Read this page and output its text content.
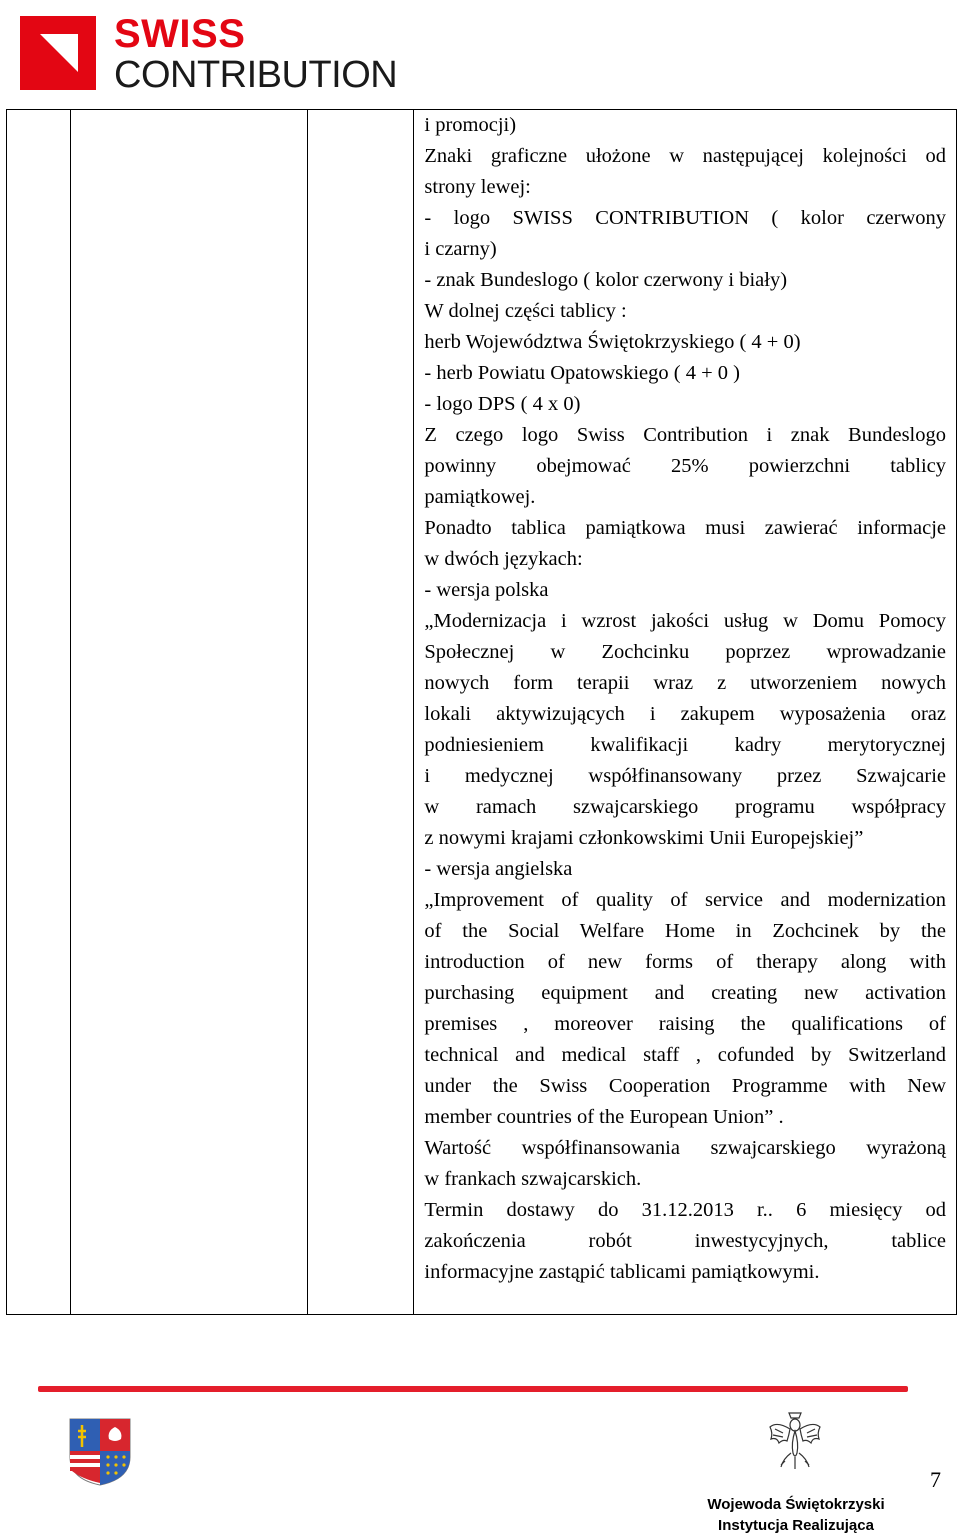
SWISS
CONTRIBUTION

i promocji)
Znaki graficzne ułożone w następującej kolejności od
strony lewej:
- logo SWISS CONTRIBUTION ( kolor czerwony
i czarny)
- znak Bundeslogo ( kolor czerwony i biały)
W dolnej części tablicy :
herb Województwa Świętokrzyskiego ( 4 + 0)
- herb Powiatu Opatowskiego ( 4 + 0 )
- logo DPS ( 4 x 0)
Z czego logo Swiss Contribution i znak Bundeslogo
powinny obejmować 25% powierzchni tablicy
pamiątkowej.
Ponadto tablica pamiątkowa musi zawierać informacje
w dwóch językach:
- wersja polska
„Modernizacja i wzrost jakości usług w Domu Pomocy
Społecznej w Zochcinku poprzez wprowadzanie
nowych form terapii wraz z utworzeniem nowych
lokali aktywizujących i zakupem wyposażenia oraz
podniesieniem kwalifikacji kadry merytorycznej
i medycznej współfinansowany przez Szwajcarie
w ramach szwajcarskiego programu współpracy
z nowymi krajami członkowskimi Unii Europejskiej”
- wersja angielska
„Improvement of quality of service and modernization
of the Social Welfare Home in Zochcinek by the
introduction of new forms of therapy along with
purchasing equipment and creating new activation
premises , moreover raising the qualifications of
technical and medical staff , cofunded by Switzerland
under the Swiss Cooperation Programme with New
member countries of the European Union” .
Wartość współfinansowania szwajcarskiego wyrażoną
w frankach szwajcarskich.
Termin dostawy do 31.12.2013 r.. 6 miesięcy od
zakończenia robót inwestycyjnych, tablice
informacyjne zastąpić tablicami pamiątkowymi.
Wojewoda Świętokrzyski
Instytucja Realizująca
7
